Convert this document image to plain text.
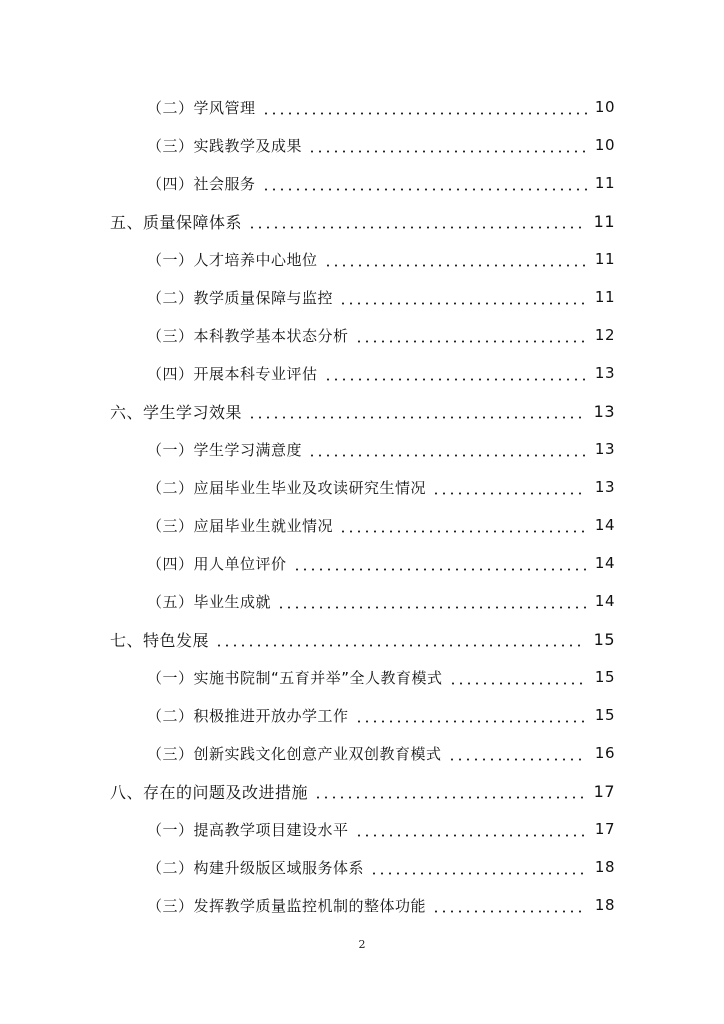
（二）学风管理	10
（三）实践教学及成果	10
（四）社会服务	11
五、质量保障体系	11
（一）人才培养中心地位	11
（二）教学质量保障与监控	11
（三）本科教学基本状态分析	12
（四）开展本科专业评估	13
六、学生学习效果	13
（一）学生学习满意度	13
（二）应届毕业生毕业及攻读研究生情况	13
（三）应届毕业生就业情况	14
（四）用人单位评价	14
（五）毕业生成就	14
七、特色发展	15
（一）实施书院制“五育并举”全人教育模式	15
（二）积极推进开放办学工作	15
（三）创新实践文化创意产业双创教育模式	16
八、存在的问题及改进措施	17
（一）提高教学项目建设水平	17
（二）构建升级版区域服务体系	18
（三）发挥教学质量监控机制的整体功能	18
2
